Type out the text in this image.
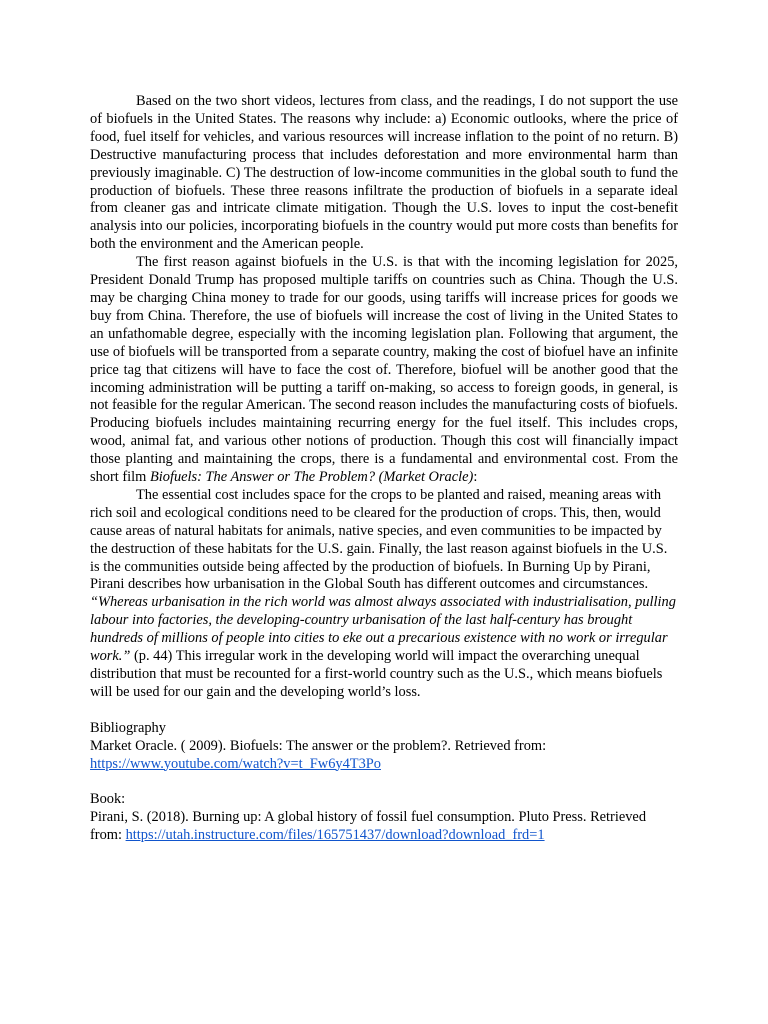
Based on the two short videos, lectures from class, and the readings, I do not support the use of biofuels in the United States. The reasons why include: a) Economic outlooks, where the price of food, fuel itself for vehicles, and various resources will increase inflation to the point of no return. B) Destructive manufacturing process that includes deforestation and more environmental harm than previously imaginable. C) The destruction of low-income communities in the global south to fund the production of biofuels. These three reasons infiltrate the production of biofuels in a separate ideal from cleaner gas and intricate climate mitigation. Though the U.S. loves to input the cost-benefit analysis into our policies, incorporating biofuels in the country would put more costs than benefits for both the environment and the American people.

The first reason against biofuels in the U.S. is that with the incoming legislation for 2025, President Donald Trump has proposed multiple tariffs on countries such as China. Though the U.S. may be charging China money to trade for our goods, using tariffs will increase prices for goods we buy from China. Therefore, the use of biofuels will increase the cost of living in the United States to an unfathomable degree, especially with the incoming legislation plan. Following that argument, the use of biofuels will be transported from a separate country, making the cost of biofuel have an infinite price tag that citizens will have to face the cost of. Therefore, biofuel will be another good that the incoming administration will be putting a tariff on-making, so access to foreign goods, in general, is not feasible for the regular American. The second reason includes the manufacturing costs of biofuels. Producing biofuels includes maintaining recurring energy for the fuel itself. This includes crops, wood, animal fat, and various other notions of production. Though this cost will financially impact those planting and maintaining the crops, there is a fundamental and environmental cost. From the short film Biofuels: The Answer or The Problem? (Market Oracle):

The essential cost includes space for the crops to be planted and raised, meaning areas with rich soil and ecological conditions need to be cleared for the production of crops. This, then, would cause areas of natural habitats for animals, native species, and even communities to be impacted by the destruction of these habitats for the U.S. gain. Finally, the last reason against biofuels in the U.S. is the communities outside being affected by the production of biofuels. In Burning Up by Pirani, Pirani describes how urbanisation in the Global South has different outcomes and circumstances. “Whereas urbanisation in the rich world was almost always associated with industrialisation, pulling labour into factories, the developing-country urbanisation of the last half-century has brought hundreds of millions of people into cities to eke out a precarious existence with no work or irregular work.” (p. 44) This irregular work in the developing world will impact the overarching unequal distribution that must be recounted for a first-world country such as the U.S., which means biofuels will be used for our gain and the developing world’s loss.

Bibliography

Market Oracle. ( 2009). Biofuels: The answer or the problem?. Retrieved from:
https://www.youtube.com/watch?v=t_Fw6y4T3Po

Book:

Pirani, S. (2018). Burning up: A global history of fossil fuel consumption. Pluto Press. Retrieved from: https://utah.instructure.com/files/165751437/download?download_frd=1
